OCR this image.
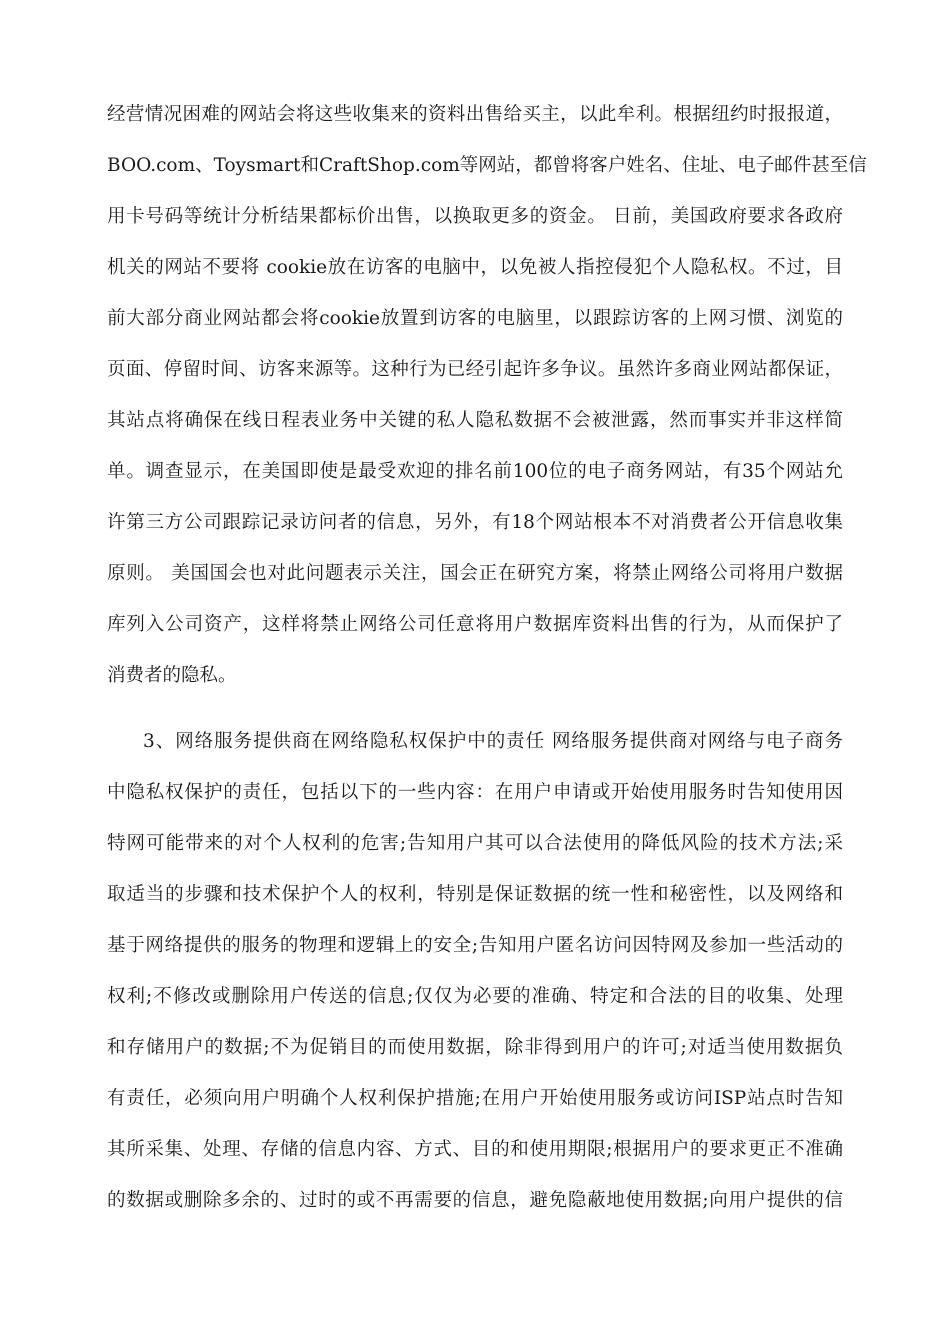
经营情况困难的网站会将这些收集来的资料出售给买主，以此牟利。根据纽约时报报道，
BOO.com、Toysmart和CraftShop.com等网站，都曾将客户姓名、住址、电子邮件甚至信
用卡号码等统计分析结果都标价出售，以换取更多的资金。 日前，美国政府要求各政府
机关的网站不要将 cookie放在访客的电脑中，以免被人指控侵犯个人隐私权。不过，目
前大部分商业网站都会将cookie放置到访客的电脑里，以跟踪访客的上网习惯、浏览的
页面、停留时间、访客来源等。这种行为已经引起许多争议。虽然许多商业网站都保证，
其站点将确保在线日程表业务中关键的私人隐私数据不会被泄露，然而事实并非这样简
单。调查显示，在美国即使是最受欢迎的排名前100位的电子商务网站，有35个网站允
许第三方公司跟踪记录访问者的信息，另外，有18个网站根本不对消费者公开信息收集
原则。 美国国会也对此问题表示关注，国会正在研究方案，将禁止网络公司将用户数据
库列入公司资产，这样将禁止网络公司任意将用户数据库资料出售的行为，从而保护了
消费者的隐私。
3、网络服务提供商在网络隐私权保护中的责任 网络服务提供商对网络与电子商务
中隐私权保护的责任，包括以下的一些内容：在用户申请或开始使用服务时告知使用因
特网可能带来的对个人权利的危害;告知用户其可以合法使用的降低风险的技术方法;采
取适当的步骤和技术保护个人的权利，特别是保证数据的统一性和秘密性，以及网络和
基于网络提供的服务的物理和逻辑上的安全;告知用户匿名访问因特网及参加一些活动的
权利;不修改或删除用户传送的信息;仅仅为必要的准确、特定和合法的目的收集、处理
和存储用户的数据;不为促销目的而使用数据，除非得到用户的许可;对适当使用数据负
有责任，必须向用户明确个人权利保护措施;在用户开始使用服务或访问ISP站点时告知
其所采集、处理、存储的信息内容、方式、目的和使用期限;根据用户的要求更正不准确
的数据或删除多余的、过时的或不再需要的信息，避免隐蔽地使用数据;向用户提供的信
